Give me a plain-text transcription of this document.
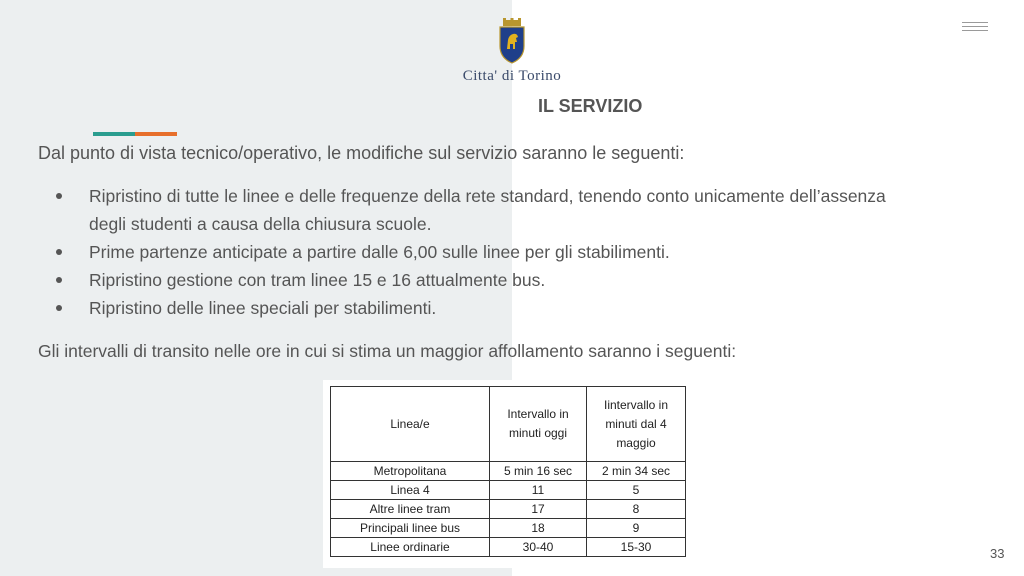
Citta' di Torino
IL SERVIZIO
Dal punto di vista tecnico/operativo, le modifiche sul servizio saranno le seguenti:
Ripristino di tutte le linee e delle frequenze della rete standard, tenendo conto unicamente dell’assenza degli studenti a causa della chiusura scuole.
Prime partenze anticipate a partire dalle 6,00 sulle linee per gli stabilimenti.
Ripristino gestione con tram linee 15 e 16 attualmente bus.
Ripristino delle linee speciali per stabilimenti.
Gli intervalli di transito nelle ore in cui si stima un maggior affollamento saranno i seguenti:
Linea/e	Intervallo in minuti oggi	Iintervallo in minuti dal 4 maggio
Metropolitana	5 min 16 sec	2 min 34 sec
Linea 4	11	5
Altre linee tram	17	8
Principali linee bus	18	9
Linee ordinarie	30-40	15-30	33
